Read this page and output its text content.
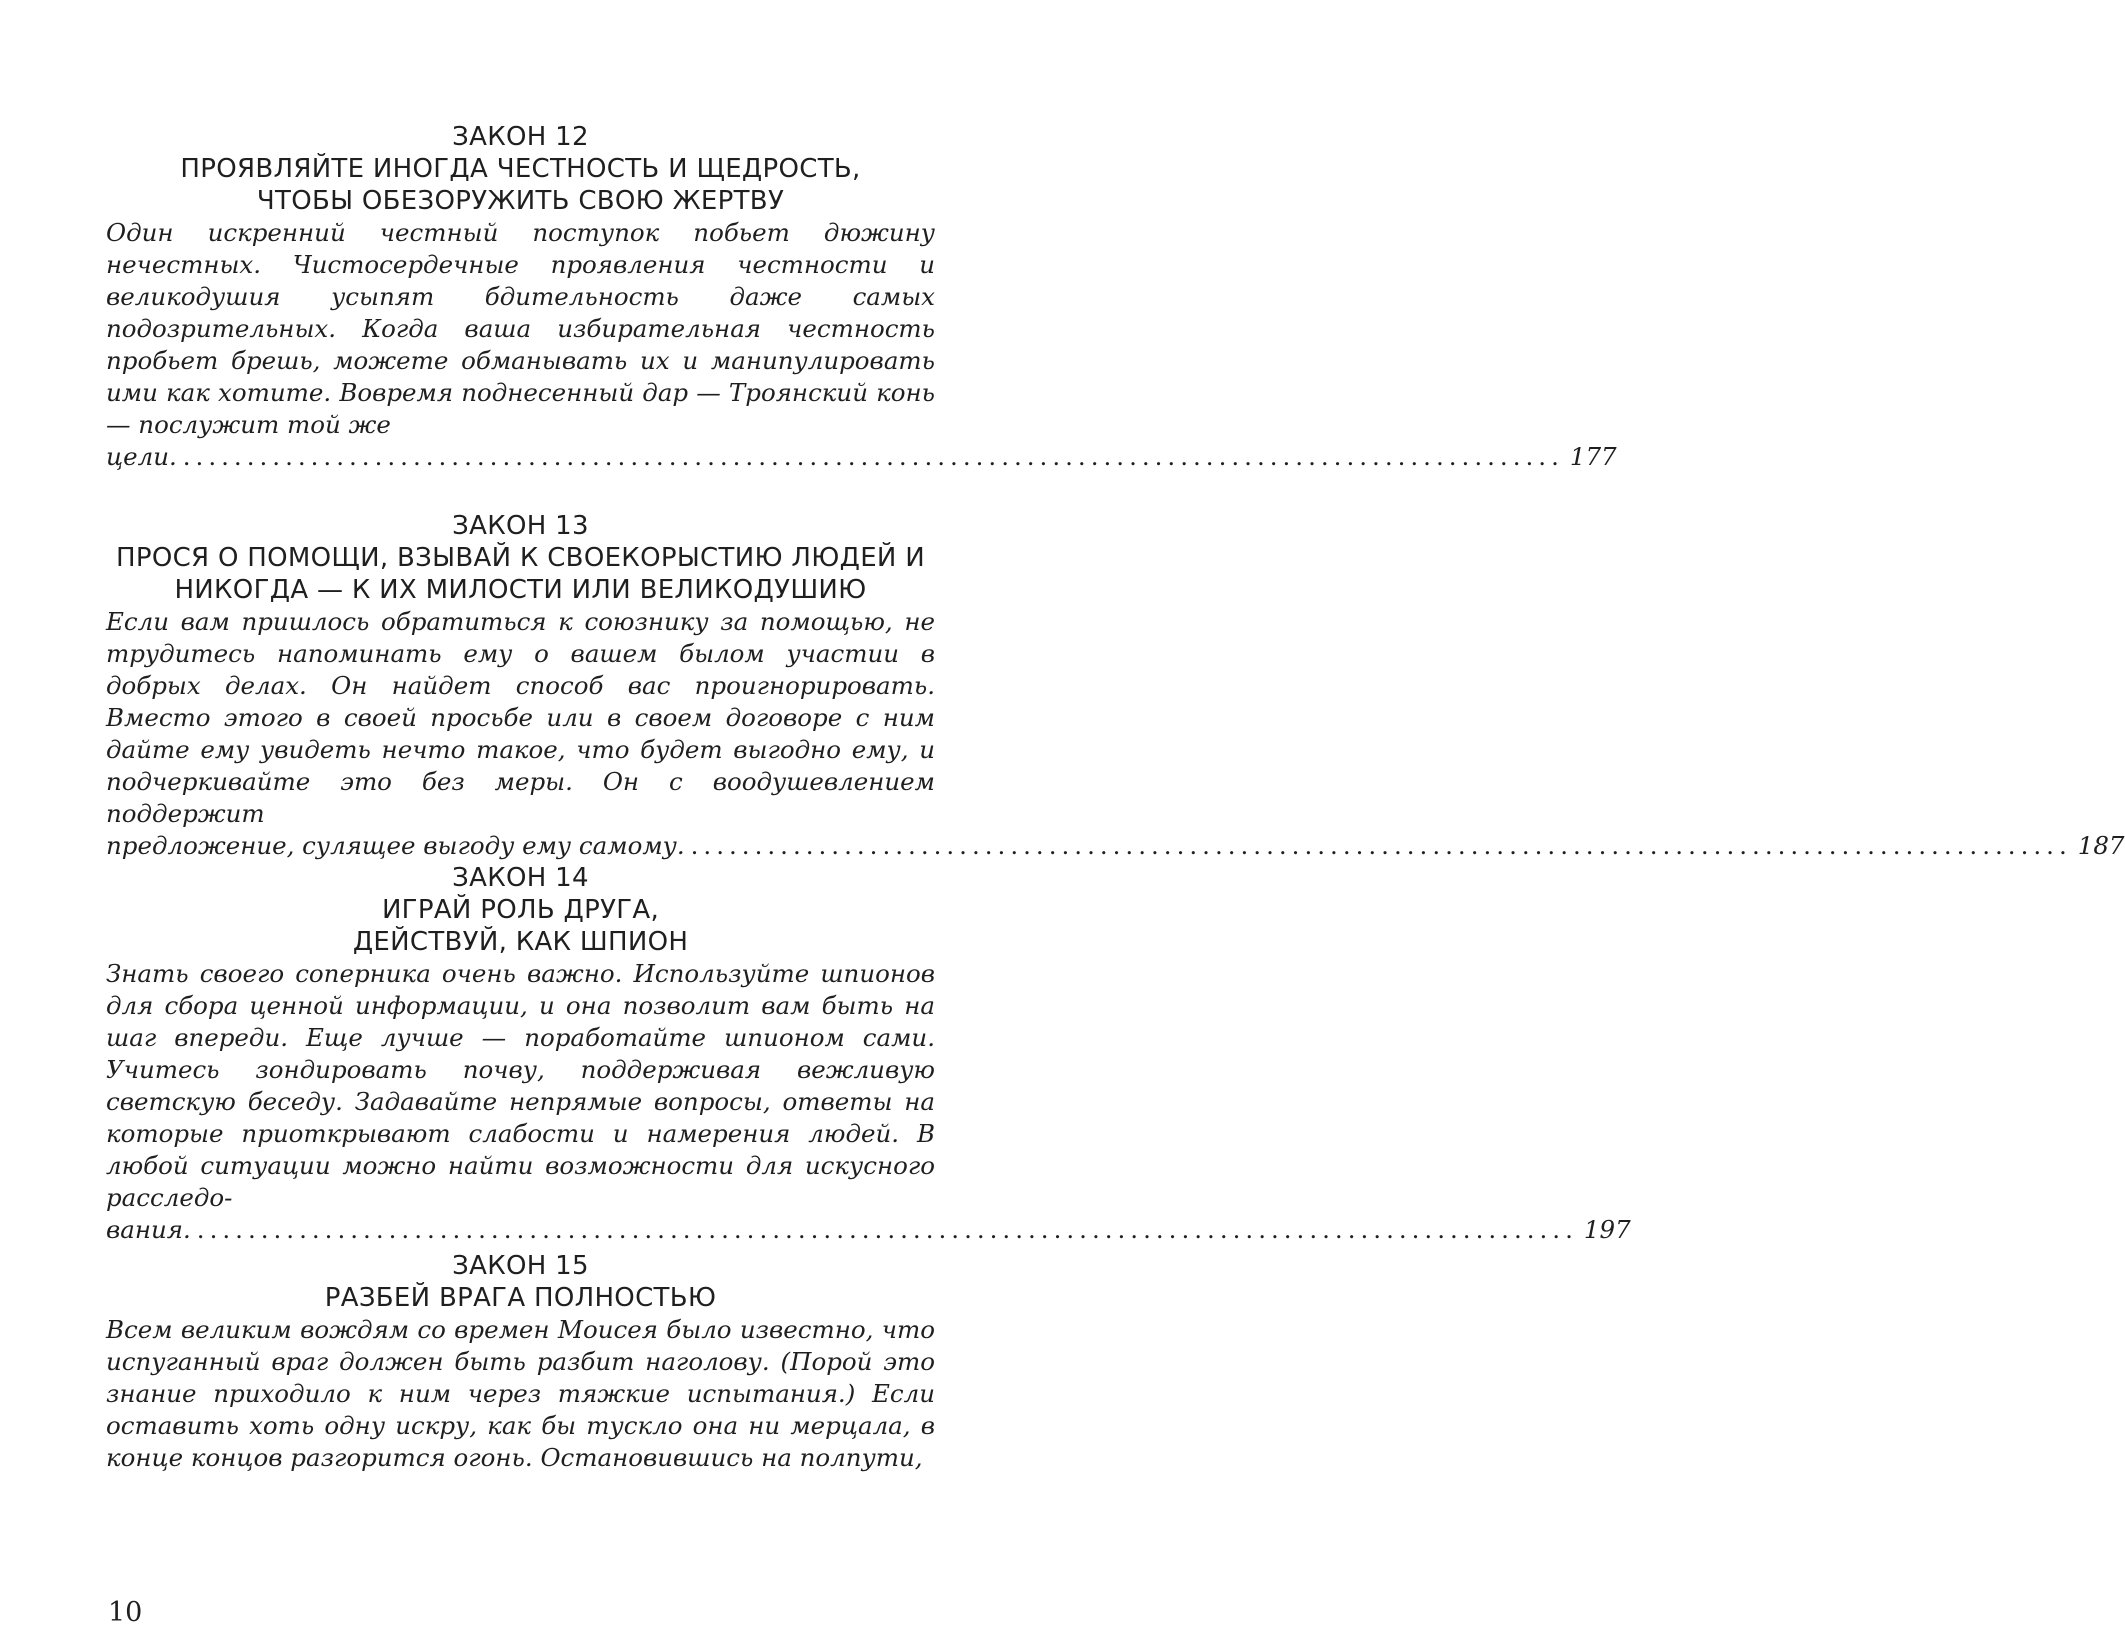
ЗАКОН 12

ПРОЯВЛЯЙТЕ ИНОГДА ЧЕСТНОСТЬ И ЩЕДРОСТЬ,
ЧТОБЫ ОБЕЗОРУЖИТЬ СВОЮ ЖЕРТВУ

Один искренний честный поступок побьет дюжину нечестных. Чистосердечные проявления честности и великодушия усыпят бдительность даже самых подозрительных. Когда ваша избирательная честность пробьет брешь, можете обманывать их и манипулировать ими как хотите. Вовремя поднесенный дар — Троянский конь — послужит той же

цели. ............................................................................................................ 177

ЗАКОН 13

ПРОСЯ О ПОМОЩИ, ВЗЫВАЙ К СВОЕКОРЫСТИЮ ЛЮДЕЙ И
НИКОГДА — К ИХ МИЛОСТИ ИЛИ ВЕЛИКОДУШИЮ

Если вам пришлось обратиться к союзнику за помощью, не трудитесь напоминать ему о вашем былом участии в добрых делах. Он найдет способ вас проигнорировать. Вместо этого в своей просьбе или в своем договоре с ним дайте ему увидеть нечто такое, что будет выгодно ему, и подчеркивайте это без меры. Он с воодушевлением поддержит

предложение, сулящее выгоду ему самому. ............................................................................................................ 187

ЗАКОН 14

ИГРАЙ РОЛЬ ДРУГА,
ДЕЙСТВУЙ, КАК ШПИОН

Знать своего соперника очень важно. Используйте шпионов для сбора ценной информации, и она позволит вам быть на шаг впереди. Еще лучше — поработайте шпионом сами. Учитесь зондировать почву, поддерживая вежливую светскую беседу. Задавайте непрямые вопросы, ответы на которые приоткрывают слабости и намерения людей. В любой ситуации можно найти возможности для искусного расследо-

вания. ............................................................................................................ 197

ЗАКОН 15

РАЗБЕЙ ВРАГА ПОЛНОСТЬЮ

Всем великим вождям со времен Моисея было известно, что испуганный враг должен быть разбит наголову. (Порой это знание приходило к ним через тяжкие испытания.) Если оставить хоть одну искру, как бы тускло она ни мерцала, в конце концов разгорится огонь. Остановившись на полпути,

10
